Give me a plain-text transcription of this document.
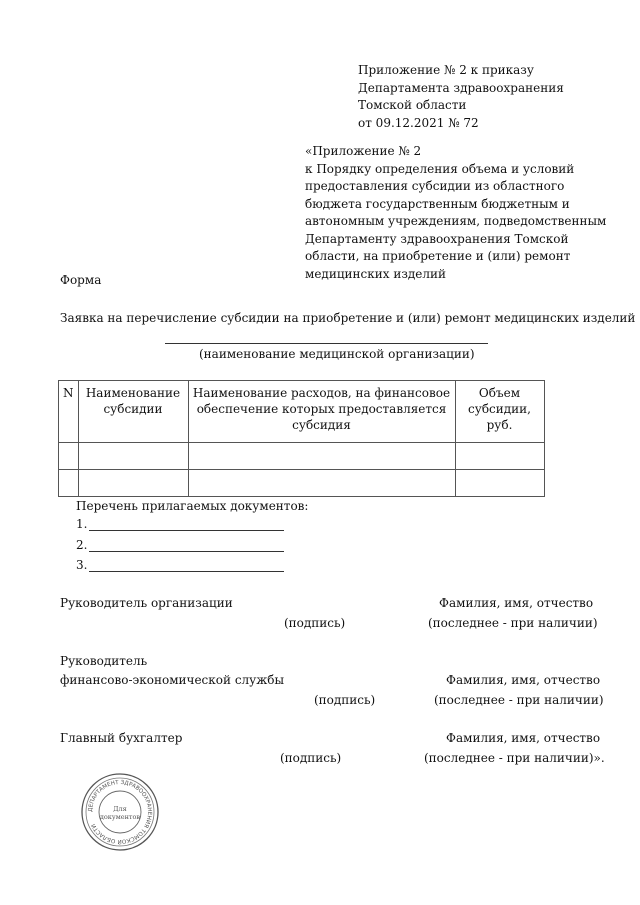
Приложение № 2 к приказу
Департамента здравоохранения
Томской области
от 09.12.2021 № 72
«Приложение № 2
к Порядку определения объема и условий
предоставления субсидии из областного
бюджета государственным бюджетным и
автономным учреждениям, подведомственным
Департаменту здравоохранения Томской
области, на приобретение и (или) ремонт
медицинских изделий
Форма
Заявка на перечисление субсидии на приобретение и (или) ремонт медицинских изделий
(наименование медицинской организации)
N	Наименование субсидии	Наименование расходов, на финансовое обеспечение которых предоставляется субсидия	Объем субсидии, руб.

Перечень прилагаемых документов:
1.
2.
3.
Руководитель организации
(подпись)
Фамилия, имя, отчество
(последнее - при наличии)
Руководитель
финансово-экономической службы
(подпись)
Фамилия, имя, отчество
(последнее - при наличии)
Главный бухгалтер
(подпись)
Фамилия, имя, отчество
(последнее - при наличии)».
ДЕПАРТАМЕНТ ЗДРАВООХРАНЕНИЯ ТОМСКОЙ ОБЛАСТИ
Для
документов
